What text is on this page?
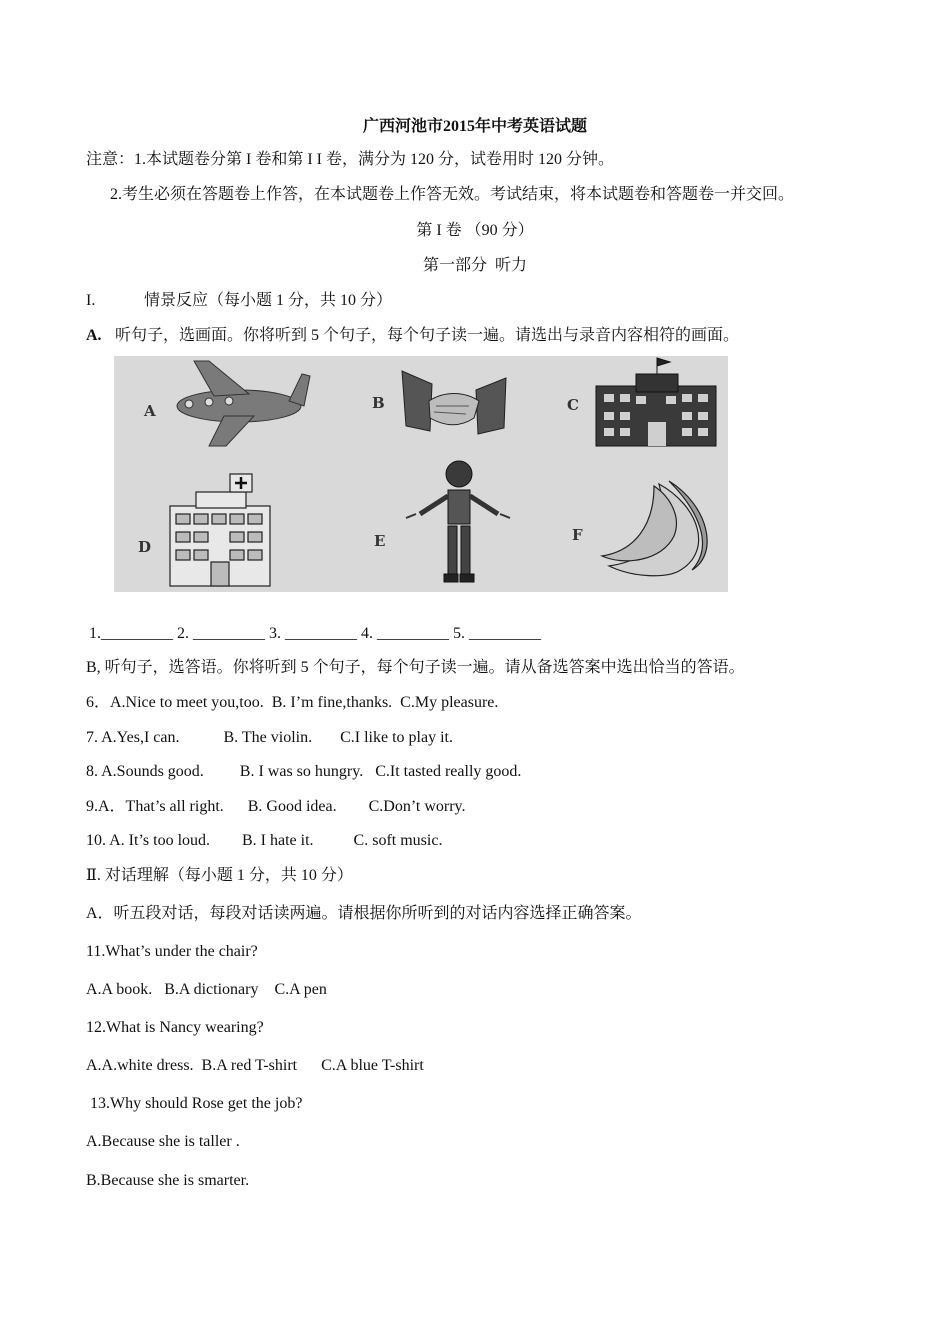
广西河池市2015年中考英语试题
注意：1.本试题卷分第 I 卷和第 I I 卷，满分为 120 分，试卷用时 120 分钟。
2.考生必须在答题卷上作答，在本试题卷上作答无效。考试结束，将本试题卷和答题卷一并交回。
第 I 卷 （90 分）
第一部分  听力
I.	情景反应（每小题 1 分，共 10 分）
A. 听句子，选画面。你将听到 5 个句子，每个句子读一遍。请选出与录音内容相符的画面。
A	B	C
D	E	F
1._________ 2. _________ 3. _________ 4. _________ 5. _________
B, 听句子，选答语。你将听到 5 个句子，每个句子读一遍。请从备选答案中选出恰当的答语。
6．A.Nice to meet you,too.  B. I’m fine,thanks.  C.My pleasure.
7. A.Yes,I can.           B. The violin.       C.I like to play it.
8. A.Sounds good.         B. I was so hungry.   C.It tasted really good.
9.A．That’s all right.      B. Good idea.        C.Don’t worry.
10. A. It’s too loud.        B. I hate it.          C. soft music.
Ⅱ. 对话理解（每小题 1 分，共 10 分）
A．听五段对话，每段对话读两遍。请根据你所听到的对话内容选择正确答案。
11.What’s under the chair?
A.A book.   B.A dictionary    C.A pen
12.What is Nancy wearing?
A.A.white dress.  B.A red T-shirt      C.A blue T-shirt
13.Why should Rose get the job?
A.Because she is taller .
B.Because she is smarter.
